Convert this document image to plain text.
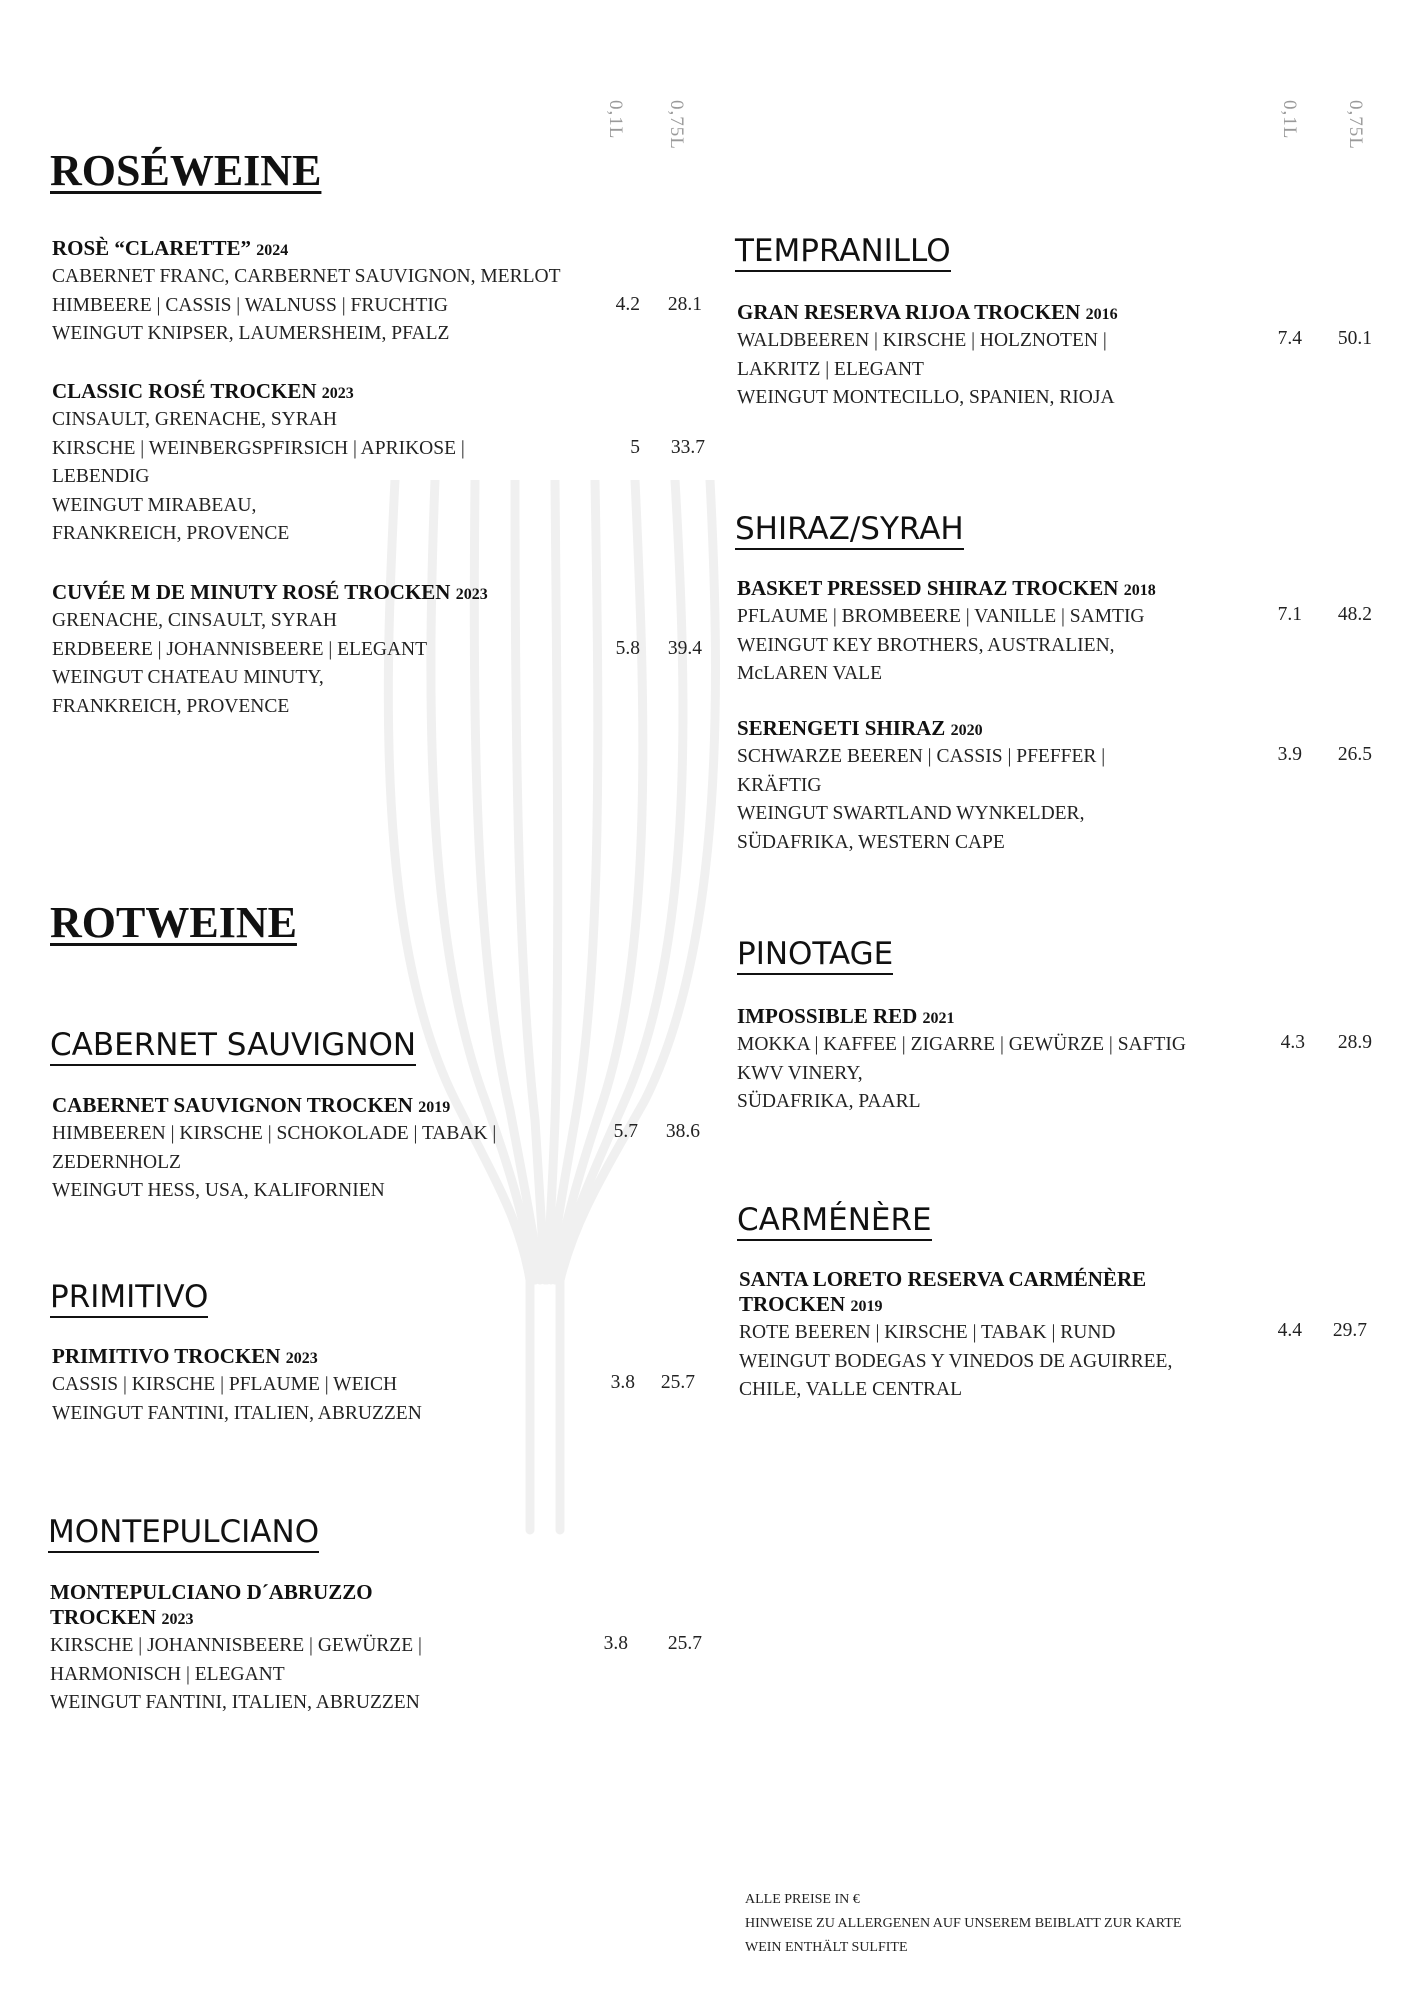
0,1L 0,75L	0,1L 0,75L
ROSÉWEINE
ROSÈ “CLARETTE” 2024
CABERNET FRANC, CARBERNET SAUVIGNON, MERLOT
HIMBEERE | CASSIS | WALNUSS | FRUCHTIG
WEINGUT KNIPSER, LAUMERSHEIM, PFALZ
4.2	28.1
CLASSIC ROSÉ TROCKEN 2023
CINSAULT, GRENACHE, SYRAH
KIRSCHE | WEINBERGSPFIRSICH | APRIKOSE |
LEBENDIG
WEINGUT MIRABEAU,
FRANKREICH, PROVENCE
5	33.7
CUVÉE M DE MINUTY ROSÉ TROCKEN 2023
GRENACHE, CINSAULT, SYRAH
ERDBEERE | JOHANNISBEERE | ELEGANT
WEINGUT CHATEAU MINUTY,
FRANKREICH, PROVENCE
5.8	39.4
ROTWEINE
CABERNET SAUVIGNON
CABERNET SAUVIGNON TROCKEN 2019
HIMBEEREN | KIRSCHE | SCHOKOLADE | TABAK |
ZEDERNHOLZ
WEINGUT HESS, USA, KALIFORNIEN
5.7	38.6
PRIMITIVO
PRIMITIVO TROCKEN 2023
CASSIS | KIRSCHE | PFLAUME | WEICH
WEINGUT FANTINI, ITALIEN, ABRUZZEN
3.8	25.7
MONTEPULCIANO
MONTEPULCIANO D´ABRUZZO
TROCKEN 2023
KIRSCHE | JOHANNISBEERE | GEWÜRZE |
HARMONISCH | ELEGANT
WEINGUT FANTINI, ITALIEN, ABRUZZEN
3.8	25.7
TEMPRANILLO
GRAN RESERVA RIJOA TROCKEN 2016
WALDBEEREN | KIRSCHE | HOLZNOTEN |
LAKRITZ | ELEGANT
WEINGUT MONTECILLO, SPANIEN, RIOJA
7.4	50.1
SHIRAZ/SYRAH
BASKET PRESSED SHIRAZ TROCKEN 2018
PFLAUME | BROMBEERE | VANILLE | SAMTIG
WEINGUT KEY BROTHERS, AUSTRALIEN,
McLAREN VALE
7.1	48.2
SERENGETI SHIRAZ 2020
SCHWARZE BEEREN | CASSIS | PFEFFER |
KRÄFTIG
WEINGUT SWARTLAND WYNKELDER,
SÜDAFRIKA, WESTERN CAPE
3.9	26.5
PINOTAGE
IMPOSSIBLE RED 2021
MOKKA | KAFFEE | ZIGARRE | GEWÜRZE | SAFTIG
KWV VINERY,
SÜDAFRIKA, PAARL
4.3	28.9
CARMÉNÈRE
SANTA LORETO RESERVA CARMÉNÈRE
TROCKEN 2019
ROTE BEEREN | KIRSCHE | TABAK | RUND
WEINGUT BODEGAS Y VINEDOS DE AGUIRREE,
CHILE, VALLE CENTRAL
4.4	29.7
ALLE PREISE IN €
HINWEISE ZU ALLERGENEN AUF UNSEREM BEIBLATT ZUR KARTE
WEIN ENTHÄLT SULFITE
